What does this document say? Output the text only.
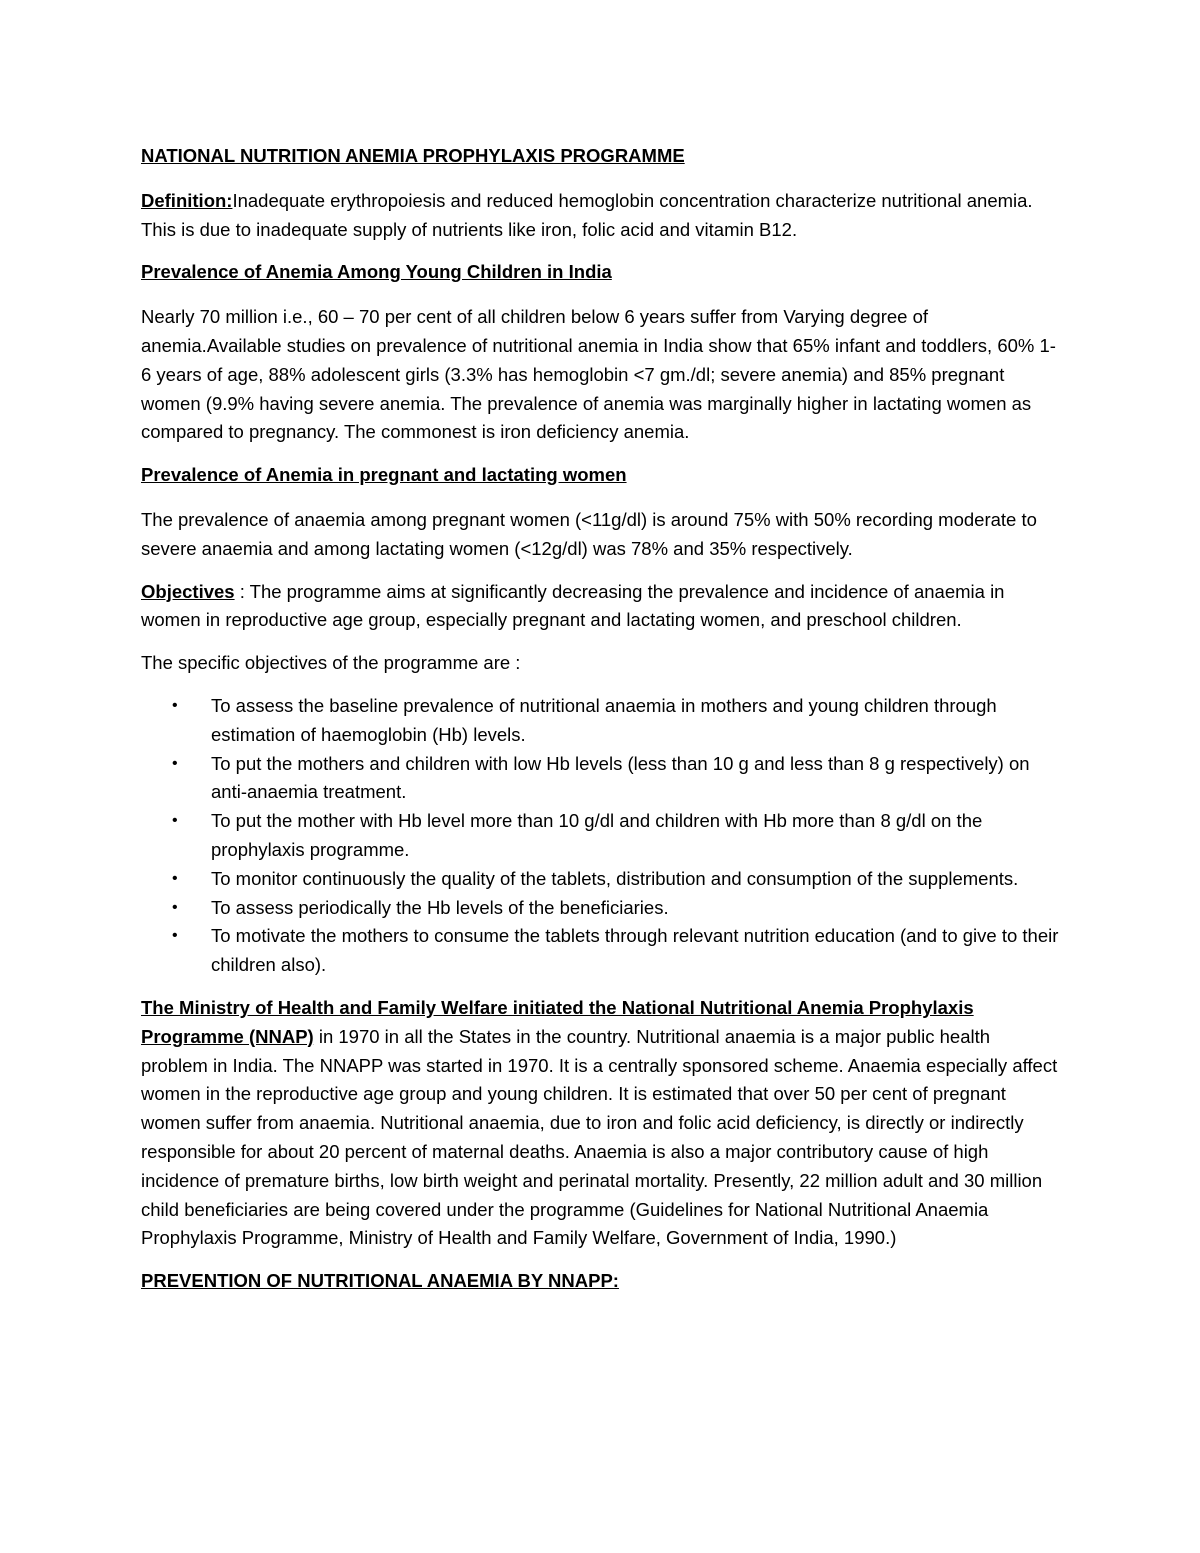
NATIONAL NUTRITION ANEMIA PROPHYLAXIS PROGRAMME

Definition:Inadequate erythropoiesis and reduced hemoglobin concentration characterize nutritional anemia. This is due to inadequate supply of nutrients like iron, folic acid and vitamin B12.

Prevalence of Anemia Among Young Children in India

Nearly 70 million i.e., 60 – 70 per cent of all children below 6 years suffer from Varying degree of anemia.Available studies on prevalence of nutritional anemia in India show that 65% infant and toddlers, 60% 1-6 years of age, 88% adolescent girls (3.3% has hemoglobin <7 gm./dl; severe anemia) and 85% pregnant women (9.9% having severe anemia. The prevalence of anemia was marginally higher in lactating women as compared to pregnancy. The commonest is iron deficiency anemia.

Prevalence of Anemia in pregnant and lactating women

The prevalence of anaemia among pregnant women (<11g/dl) is around 75% with 50% recording moderate to severe anaemia and among lactating women (<12g/dl) was 78% and 35% respectively.

Objectives : The programme aims at significantly decreasing the prevalence and incidence of anaemia in women in reproductive age group, especially pregnant and lactating women, and preschool children.

The specific objectives of the programme are :

• To assess the baseline prevalence of nutritional anaemia in mothers and young children through estimation of haemoglobin (Hb) levels.
• To put the mothers and children with low Hb levels (less than 10 g and less than 8 g respectively) on anti-anaemia treatment.
• To put the mother with Hb level more than 10 g/dl and children with Hb more than 8 g/dl on the prophylaxis programme.
• To monitor continuously the quality of the tablets, distribution and consumption of the supplements.
• To assess periodically the Hb levels of the beneficiaries.
• To motivate the mothers to consume the tablets through relevant nutrition education (and to give to their children also).

The Ministry of Health and Family Welfare initiated the National Nutritional Anemia Prophylaxis Programme (NNAP) in 1970 in all the States in the country. Nutritional anaemia is a major public health problem in India. The NNAPP was started in 1970. It is a centrally sponsored scheme. Anaemia especially affect women in the reproductive age group and young children. It is estimated that over 50 per cent of pregnant women suffer from anaemia. Nutritional anaemia, due to iron and folic acid deficiency, is directly or indirectly responsible for about 20 percent of maternal deaths. Anaemia is also a major contributory cause of high incidence of premature births, low birth weight and perinatal mortality. Presently, 22 million adult and 30 million child beneficiaries are being covered under the programme (Guidelines for National Nutritional Anaemia Prophylaxis Programme, Ministry of Health and Family Welfare, Government of India, 1990.)

PREVENTION OF NUTRITIONAL ANAEMIA BY NNAPP:
